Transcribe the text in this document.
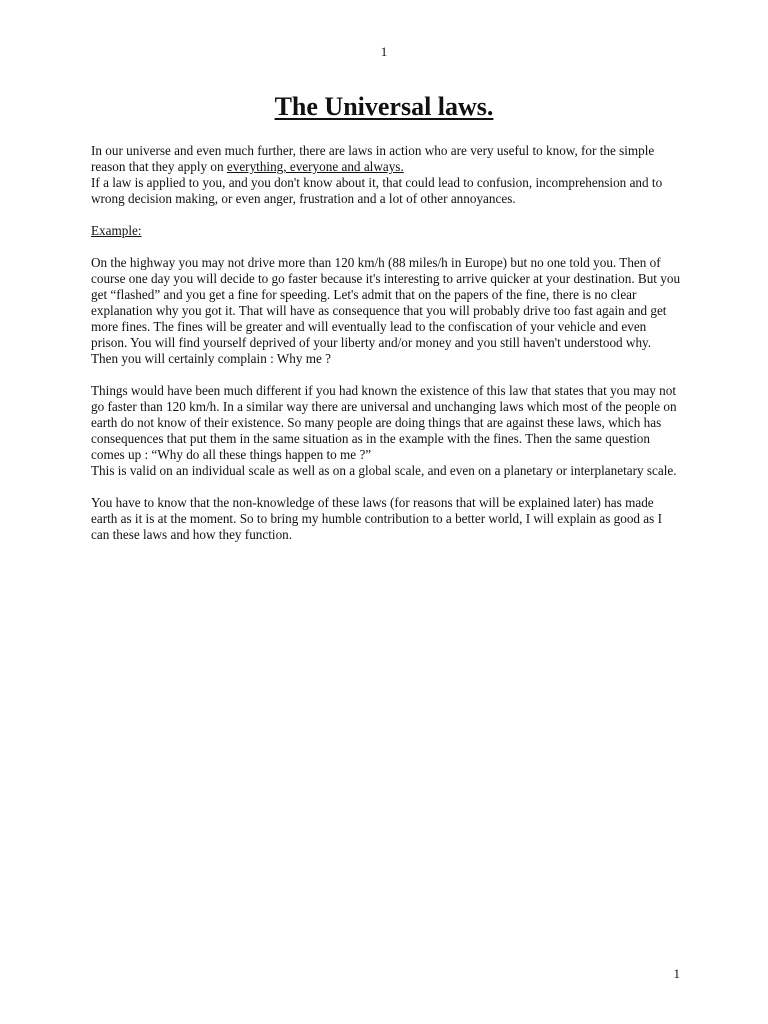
1
The Universal laws.

In our universe and even much further, there are laws in action who are very useful to know, for the simple reason that they apply on everything, everyone and always.

If a law is applied to you, and you don't know about it, that could lead to confusion, incomprehension and to wrong decision making, or even anger, frustration and a lot of other annoyances.

Example:

On the highway you may not drive more than 120 km/h (88 miles/h in Europe) but no one told you. Then of course one day you will decide to go faster because it's interesting to arrive quicker at your destination. But you get “flashed” and you get a fine for speeding. Let's admit that on the papers of the fine, there is no clear explanation why you got it. That will have as consequence that you will probably drive too fast again and get more fines. The fines will be greater and will eventually lead to the confiscation of your vehicle and even prison. You will find yourself deprived of your liberty and/or money and you still haven't understood why. Then you will certainly complain : Why me ?

Things would have been much different if you had known the existence of this law that states that you may not go faster than 120 km/h. In a similar way there are universal and unchanging laws which most of the people on earth do not know of their existence. So many people are doing things that are against these laws, which has consequences that put them in the same situation as in the example with the fines. Then the same question comes up : “Why do all these things happen to me ?”

This is valid on an individual scale as well as on a global scale, and even on a planetary or interplanetary scale.

You have to know that the non-knowledge of these laws (for reasons that will be explained later) has made earth as it is at the moment. So to bring my humble contribution to a better world, I will explain as good as I can these laws and how they function.

1
